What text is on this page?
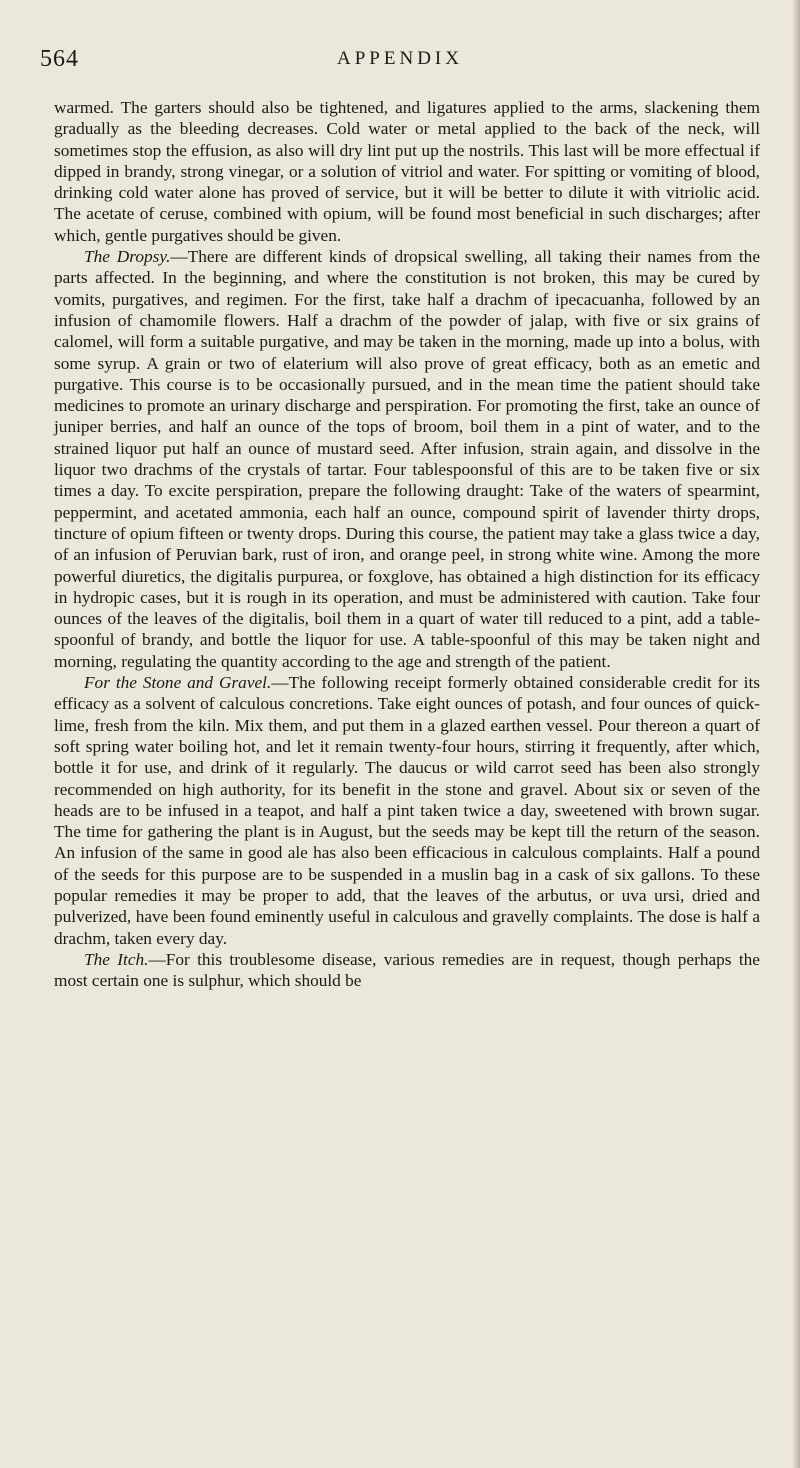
564	APPENDIX

warmed. The garters should also be tightened, and ligatures applied to the arms, slackening them gradually as the bleeding decreases. Cold water or metal applied to the back of the neck, will sometimes stop the effusion, as also will dry lint put up the nostrils. This last will be more effectual if dipped in brandy, strong vinegar, or a solution of vitriol and water. For spitting or vomiting of blood, drinking cold water alone has proved of service, but it will be better to dilute it with vitriolic acid. The acetate of ceruse, combined with opium, will be found most beneficial in such discharges; after which, gentle purgatives should be given.

The Dropsy.—There are different kinds of dropsical swelling, all taking their names from the parts affected. In the beginning, and where the constitution is not broken, this may be cured by vomits, purgatives, and regimen. For the first, take half a drachm of ipecacuanha, followed by an infusion of chamomile flowers. Half a drachm of the powder of jalap, with five or six grains of calomel, will form a suitable purgative, and may be taken in the morning, made up into a bolus, with some syrup. A grain or two of elaterium will also prove of great efficacy, both as an emetic and purgative. This course is to be occasionally pursued, and in the mean time the patient should take medicines to promote an urinary discharge and perspiration. For promoting the first, take an ounce of juniper berries, and half an ounce of the tops of broom, boil them in a pint of water, and to the strained liquor put half an ounce of mustard seed. After infusion, strain again, and dissolve in the liquor two drachms of the crystals of tartar. Four tablespoonsful of this are to be taken five or six times a day. To excite perspiration, prepare the following draught: Take of the waters of spearmint, peppermint, and acetated ammonia, each half an ounce, compound spirit of lavender thirty drops, tincture of opium fifteen or twenty drops. During this course, the patient may take a glass twice a day, of an infusion of Peruvian bark, rust of iron, and orange peel, in strong white wine. Among the more powerful diuretics, the digitalis purpurea, or foxglove, has obtained a high distinction for its efficacy in hydropic cases, but it is rough in its operation, and must be administered with caution. Take four ounces of the leaves of the digitalis, boil them in a quart of water till reduced to a pint, add a table-spoonful of brandy, and bottle the liquor for use. A table-spoonful of this may be taken night and morning, regulating the quantity according to the age and strength of the patient.

For the Stone and Gravel.—The following receipt formerly obtained considerable credit for its efficacy as a solvent of calculous concretions. Take eight ounces of potash, and four ounces of quick-lime, fresh from the kiln. Mix them, and put them in a glazed earthen vessel. Pour thereon a quart of soft spring water boiling hot, and let it remain twenty-four hours, stirring it frequently, after which, bottle it for use, and drink of it regularly. The daucus or wild carrot seed has been also strongly recommended on high authority, for its benefit in the stone and gravel. About six or seven of the heads are to be infused in a teapot, and half a pint taken twice a day, sweetened with brown sugar. The time for gathering the plant is in August, but the seeds may be kept till the return of the season. An infusion of the same in good ale has also been efficacious in calculous complaints. Half a pound of the seeds for this purpose are to be suspended in a muslin bag in a cask of six gallons. To these popular remedies it may be proper to add, that the leaves of the arbutus, or uva ursi, dried and pulverized, have been found eminently useful in calculous and gravelly complaints. The dose is half a drachm, taken every day.

The Itch.—For this troublesome disease, various remedies are in request, though perhaps the most certain one is sulphur, which should be
